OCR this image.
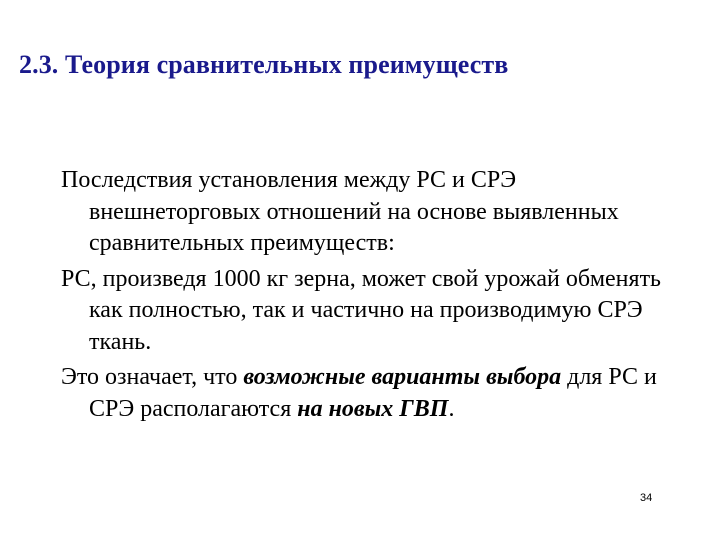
2.3. Теория сравнительных преимуществ

Последствия установления между РС и СРЭ внешнеторговых отношений на основе выявленных сравнительных преимуществ:

РС, произведя 1000 кг зерна, может свой урожай обменять как полностью, так и частично на производимую СРЭ ткань.

Это означает, что возможные варианты выбора для РС и СРЭ располагаются на новых ГВП.

34
